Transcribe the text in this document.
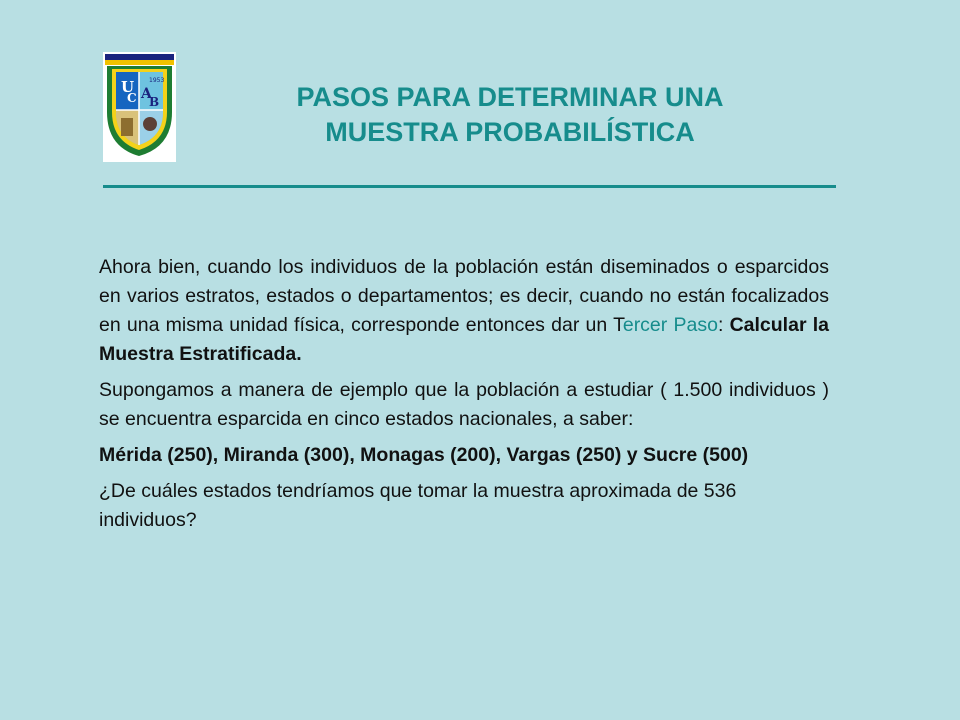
U
C A
B
1953
PASOS PARA DETERMINAR UNA
MUESTRA PROBABILÍSTICA

Ahora bien, cuando los individuos de la población están diseminados o esparcidos en varios estratos, estados o departamentos; es decir, cuando no están focalizados en una misma unidad física, corresponde entonces dar un Tercer Paso: Calcular la Muestra Estratificada.

Supongamos a manera de ejemplo que la población a estudiar ( 1.500 individuos ) se encuentra esparcida en cinco estados nacionales, a saber:

Mérida (250), Miranda (300), Monagas (200), Vargas (250) y Sucre (500)

¿De cuáles estados tendríamos que tomar la muestra aproximada de 536 individuos?
